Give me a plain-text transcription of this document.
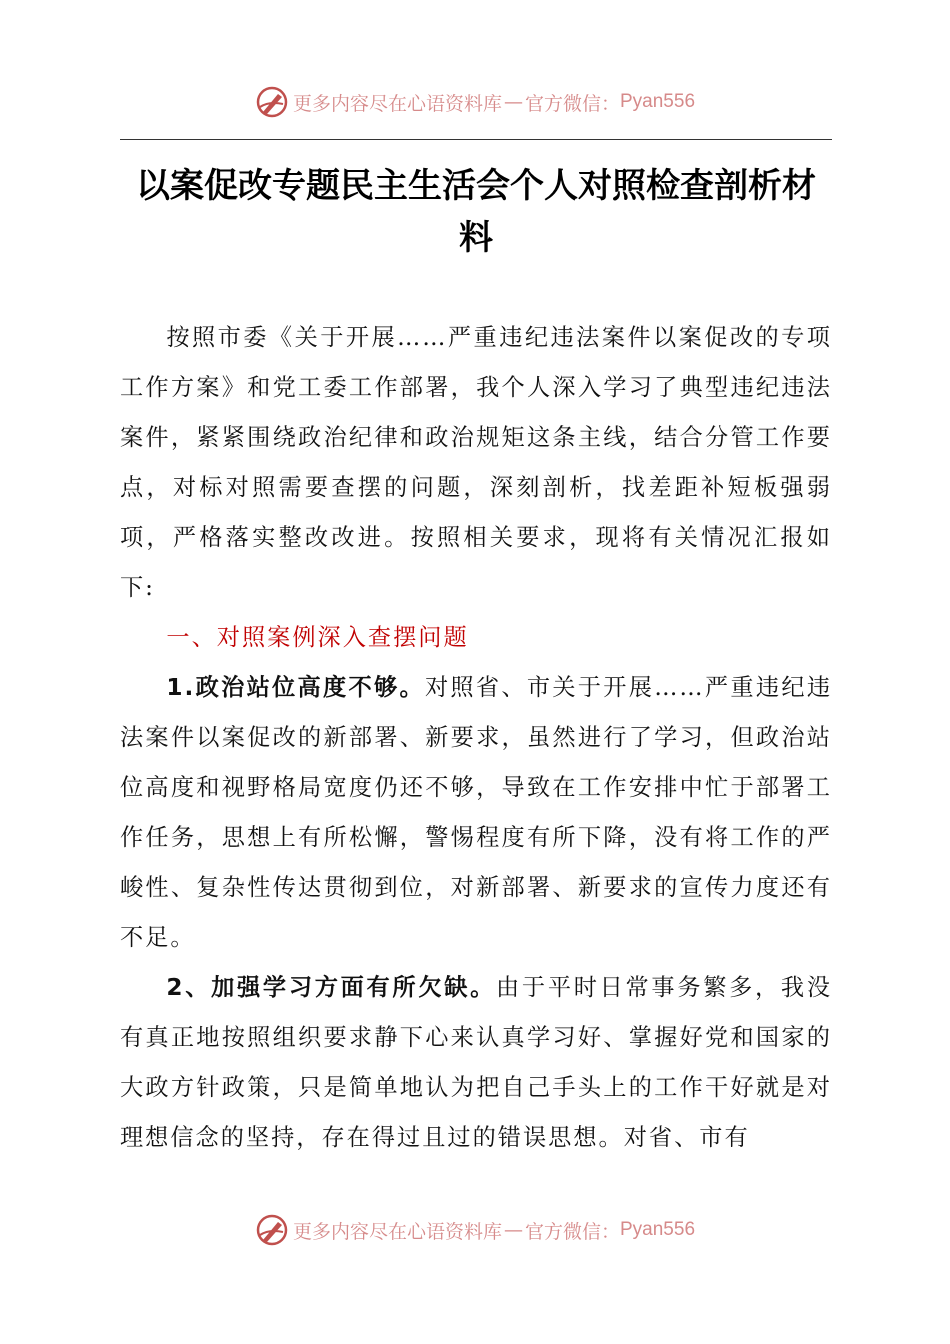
更多内容尽在心语资料库 — 官方微信： Pyan556
以案促改专题民主生活会个人对照检查剖析材料

按照市委《关于开展……严重违纪违法案件以案促改的专项工作方案》和党工委工作部署，我个人深入学习了典型违纪违法案件，紧紧围绕政治纪律和政治规矩这条主线，结合分管工作要点，对标对照需要查摆的问题，深刻剖析，找差距补短板强弱项，严格落实整改改进。按照相关要求，现将有关情况汇报如下:

一、对照案例深入查摆问题

1.政治站位高度不够。对照省、市关于开展……严重违纪违法案件以案促改的新部署、新要求，虽然进行了学习，但政治站位高度和视野格局宽度仍还不够，导致在工作安排中忙于部署工作任务，思想上有所松懈，警惕程度有所下降，没有将工作的严峻性、复杂性传达贯彻到位，对新部署、新要求的宣传力度还有不足。

2、加强学习方面有所欠缺。由于平时日常事务繁多，我没有真正地按照组织要求静下心来认真学习好、掌握好党和国家的大政方针政策，只是简单地认为把自己手头上的工作干好就是对理想信念的坚持，存在得过且过的错误思想。对省、市有

更多内容尽在心语资料库 — 官方微信： Pyan556
